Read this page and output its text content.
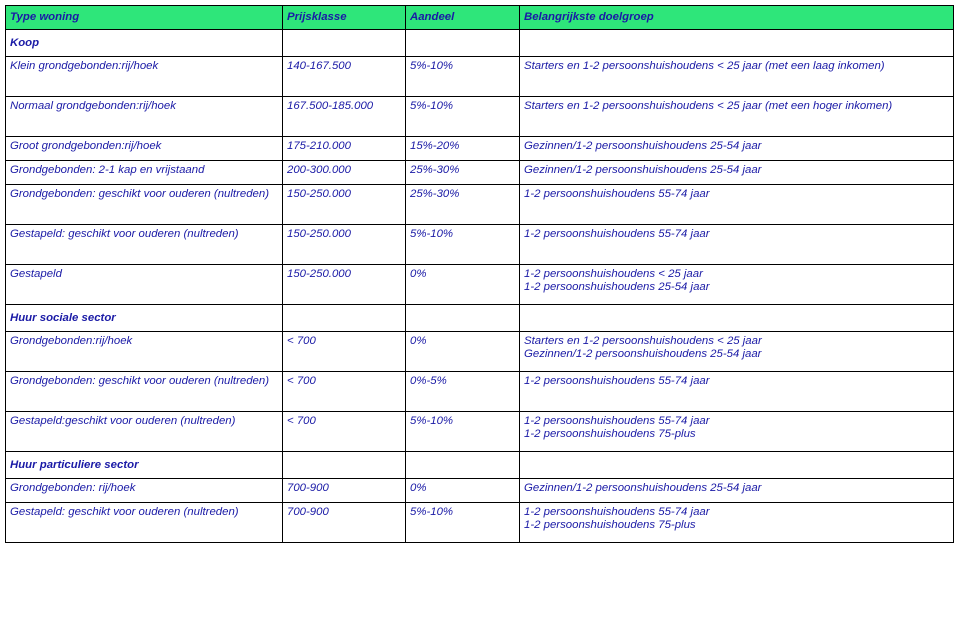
Type woning	Prijsklasse	Aandeel	Belangrijkste doelgroep
Koop			
Klein grondgebonden:rij/hoek	140-167.500	5%-10%	Starters en 1-2 persoonshuishoudens < 25 jaar (met een laag inkomen)

Normaal grondgebonden:rij/hoek	167.500-185.000	5%-10%	Starters en 1-2 persoonshuishoudens < 25 jaar (met een hoger inkomen)

Groot grondgebonden:rij/hoek	175-210.000	15%-20%	Gezinnen/1-2 persoonshuishoudens 25-54 jaar

Grondgebonden: 2-1 kap en vrijstaand	200-300.000	25%-30%	Gezinnen/1-2 persoonshuishoudens 25-54 jaar

Grondgebonden: geschikt voor ouderen (nultreden)	150-250.000	25%-30%	1-2 persoonshuishoudens 55-74 jaar

Gestapeld: geschikt voor ouderen (nultreden)	150-250.000	5%-10%	1-2 persoonshuishoudens 55-74 jaar

Gestapeld	150-250.000	0%	1-2 persoonshuishoudens < 25 jaar
1-2 persoonshuishoudens 25-54 jaar

Huur sociale sector			
Grondgebonden:rij/hoek	< 700	0%	Starters en 1-2 persoonshuishoudens < 25 jaar
Gezinnen/1-2 persoonshuishoudens 25-54 jaar

Grondgebonden: geschikt voor ouderen (nultreden)	< 700	0%-5%	1-2 persoonshuishoudens 55-74 jaar

Gestapeld:geschikt voor ouderen (nultreden)	< 700	5%-10%	1-2 persoonshuishoudens 55-74 jaar
1-2 persoonshuishoudens 75-plus

Huur particuliere sector			
Grondgebonden: rij/hoek	700-900	0%	Gezinnen/1-2 persoonshuishoudens 25-54 jaar

Gestapeld: geschikt voor ouderen (nultreden)	700-900	5%-10%	1-2 persoonshuishoudens 55-74 jaar
1-2 persoonshuishoudens 75-plus
